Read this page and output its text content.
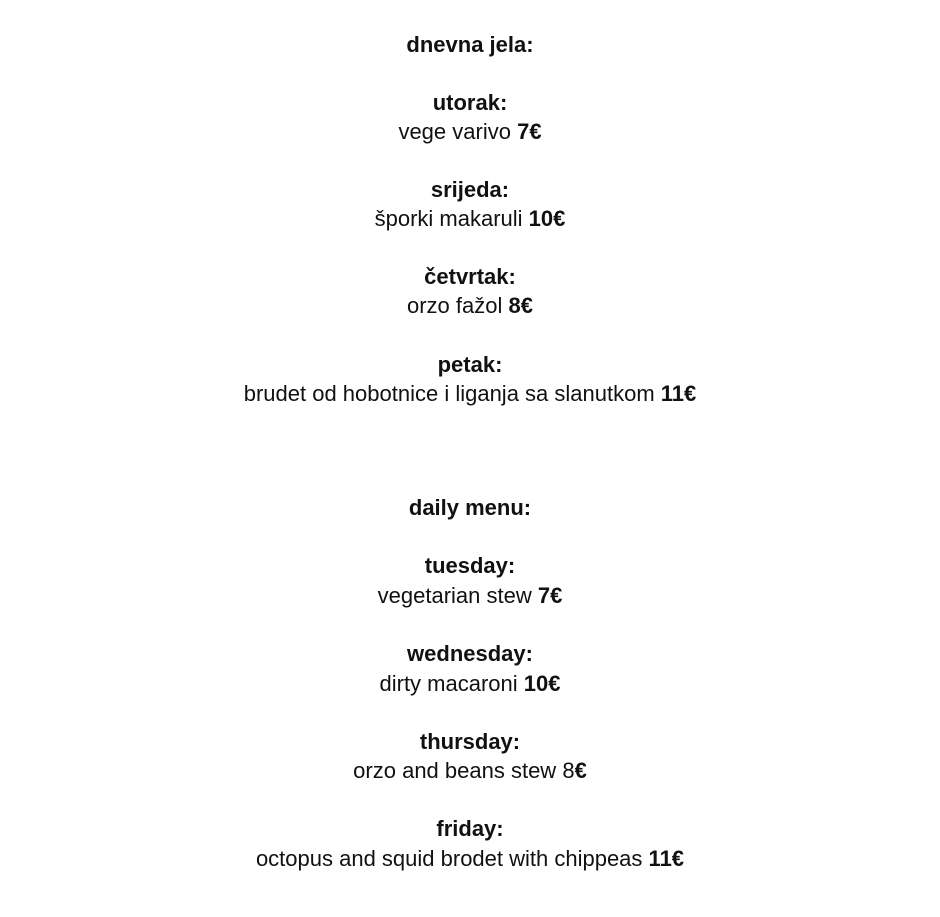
dnevna jela:
utorak:
vege varivo 7€
srijeda:
šporki makaruli 10€
četvrtak:
orzo fažol 8€
petak:
brudet od hobotnice i liganja sa slanutkom 11€
daily menu:
tuesday:
vegetarian stew 7€
wednesday:
dirty macaroni 10€
thursday:
orzo and beans stew 8€
friday:
octopus and squid brodet with chippeas 11€
